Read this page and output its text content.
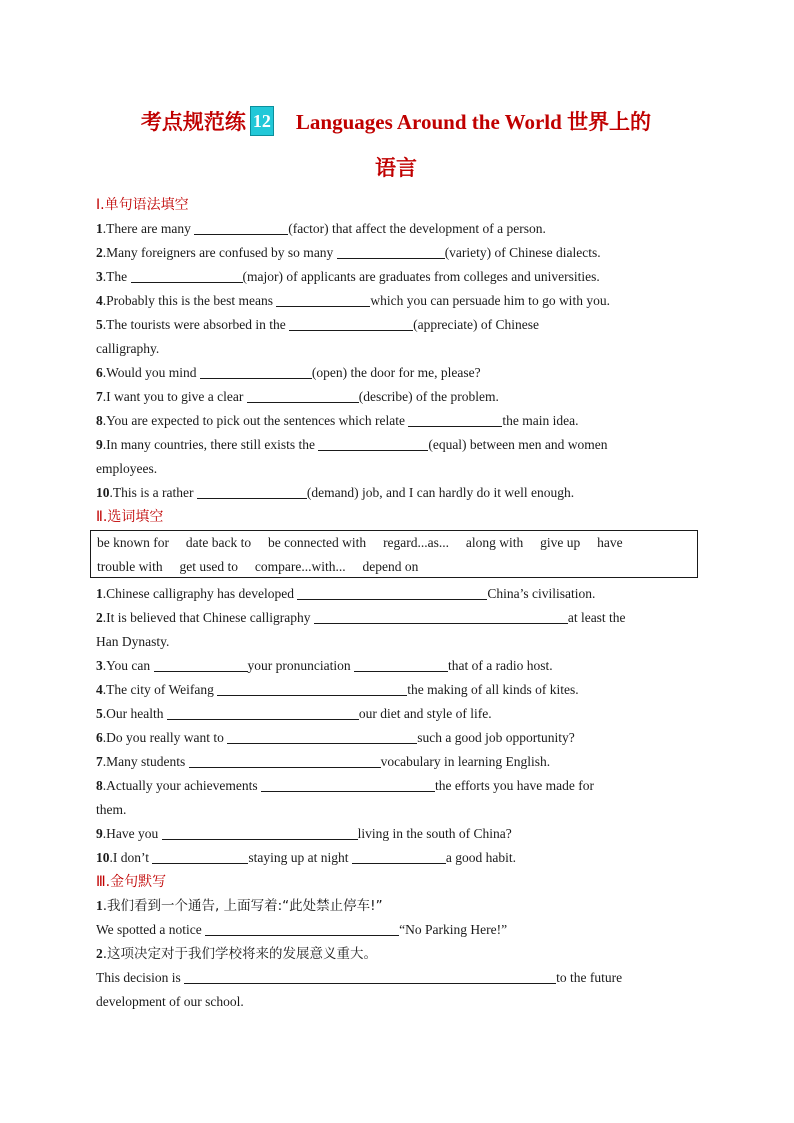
考点规范练 12 Languages Around the World 世界上的
语言
Ⅰ.单句语法填空
1.There are many	(factor) that affect the development of a person.
2.Many foreigners are confused by so many	(variety) of Chinese dialects.
3.The	(major) of applicants are graduates from colleges and universities.
4.Probably this is the best means	which you can persuade him to go with you.
5.The tourists were absorbed in the	(appreciate) of Chinese
calligraphy.
6.Would you mind	(open) the door for me, please?
7.I want you to give a clear	(describe) of the problem.
8.You are expected to pick out the sentences which relate	the main idea.
9.In many countries, there still exists the	(equal) between men and women
employees.
10.This is a rather	(demand) job, and I can hardly do it well enough.
Ⅱ.选词填空
be known for date back to be connected with regard...as... along with give up have
trouble with get used to compare...with... depend on
1.Chinese calligraphy has developed	China’s civilisation.
2.It is believed that Chinese calligraphy	at least the
Han Dynasty.
3.You can	your pronunciation	that of a radio host.
4.The city of Weifang	the making of all kinds of kites.
5.Our health	our diet and style of life.
6.Do you really want to	such a good job opportunity?
7.Many students	vocabulary in learning English.
8.Actually your achievements	the efforts you have made for
them.
9.Have you	living in the south of China?
10.I don’t	staying up at night	a good habit.
Ⅲ.金句默写
1.我们看到一个通告, 上面写着:“此处禁止停车!”
We spotted a notice	“No Parking Here!”
2.这项决定对于我们学校将来的发展意义重大。
This decision is	to the future
development of our school.
